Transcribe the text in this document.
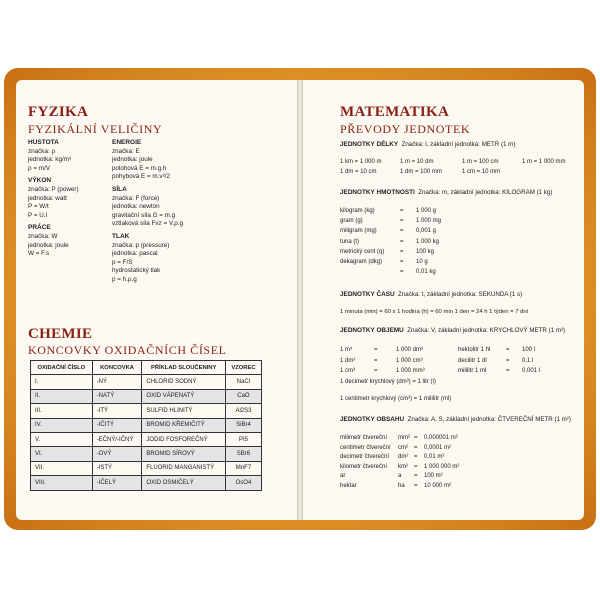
FYZIKA
FYZIKÁLNÍ VELIČINY

HUSTOTA

značka: ρ

jednotka: kg/m³

ρ = m/V

VÝKON

značka: P (power)

jednotka: watt

P = W/t

P = U.I

PRÁCE

značka: W

jednotka: joule

W = F.s

ENERGIE

značka: E

jednotka: joule

polohová E = m.g.h

pohybová E = m.v²/2

SÍLA

značka: F (force)

jednotka: newton

gravitační síla G = m.g

vztlaková síla Fvz = V.ρ.g

TLAK

značka: p (pressure)

jednotka: pascal

p = F/S

hydrostatický tlak

p = h.ρ.g

CHEMIE
KONCOVKY OXIDAČNÍCH ČÍSEL
OXIDAČNÍ ČÍSLO	KONCOVKA	PŘÍKLAD SLOUČENINY	VZOREC
I.	-NÝ	CHLORID SODNÝ	NaCl
II.	-NATÝ	OXID VÁPENATÝ	CaO
III.	-ITÝ	SULFID HLINITÝ	Al2S3
IV.	-IČITÝ	BROMID KŘEMIČITÝ	SiBr4
V.	-EČNÝ/-IČNÝ	JODID FOSFOREČNÝ	PI5
VI.	-OVÝ	BROMID SÍROVÝ	SBr6
VII.	-ISTÝ	FLUORID MANGANISTÝ	MnF7
VIII.	-IČELÝ	OXID OSMIČELÝ	OsO4
MATEMATIKA
PŘEVODY JEDNOTEK
JEDNOTKY DÉLKY Značka: l, základní jednotka: METR (1 m)
1 km = 1 000 m	1 m = 10 dm	1 m = 100 cm	1 m = 1 000 mm
1 dm = 10 cm	1 dm = 100 mm	1 cm = 10 mm
JEDNOTKY HMOTNOSTI Značka: m, základní jednotka: KILOGRAM (1 kg)
kilogram (kg)	= 1 000 g
gram (g)	= 1 000 mg
miligram (mg)	= 0,001 g
tuna (t)	= 1 000 kg
metrický cent (q)	= 100 kg
dekagram (dkg)	= 10 g
= 0,01 kg
JEDNOTKY ČASU Značka: t, základní jednotka: SEKUNDA (1 s)
1 minuta (min) = 60 s 1 hodina (h) = 60 min 1 den = 24 h 1 týden = 7 dní
JEDNOTKY OBJEMU Značka: V, základní jednotka: KRYCHLOVÝ METR (1 m³)
1 m³	=	1 000 dm³	hektolitr 1 hl	= 100 l
1 dm³	=	1 000 cm³	decilitr 1 dl	= 0,1 l
1 cm³	=	1 000 mm³	mililitr 1 ml	= 0,001 l
1 decimetr krychlový (dm³) = 1 litr (l)
1 centimetr krychlový (cm³) = 1 mililitr (ml)
JEDNOTKY OBSAHU Značka: A, S, základní jednotka: ČTVEREČNÍ METR (1 m²)
milimetr čtvereční mm² = 0,000001 m²
centimetr čtvereční cm² = 0,0001 m²
decimetr čtvereční dm² = 0,01 m²
kilometr čtvereční km² = 1 000 000 m²
ar	a = 100 m²
hektar	ha = 10 000 m²
